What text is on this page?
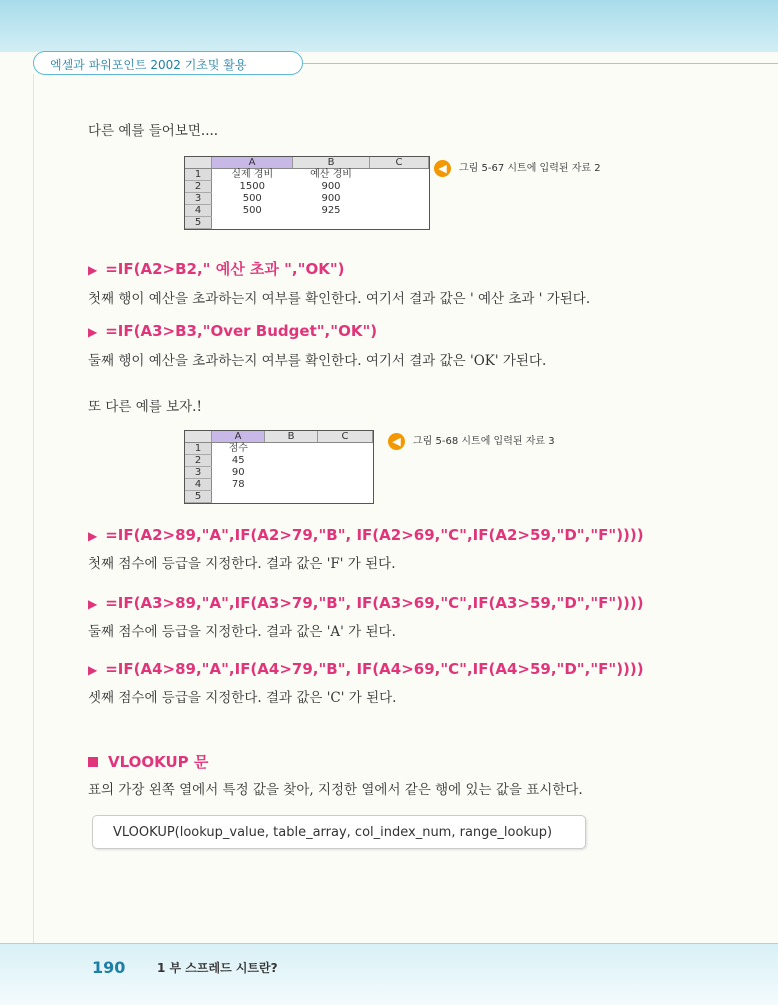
엑셀과 파워포인트 2002 기초및 활용
다른 예를 들어보면....
	A	B	C
1	실제 경비	예산 경비	
2	1500	900	
3	500	900	
4	500	925	
5			
◀ 그림 5-67 시트에 입력된 자료 2
▶ =IF(A2>B2," 예산 초과 ","OK")
첫째 행이 예산을 초과하는지 여부를 확인한다. 여기서 결과 값은 ' 예산 초과 ' 가된다.
▶ =IF(A3>B3,"Over Budget","OK")
둘째 행이 예산을 초과하는지 여부를 확인한다. 여기서 결과 값은 'OK' 가된다.
또 다른 예를 보자.!
	A	B	C
1	점수		
2	45		
3	90		
4	78		
5			
◀ 그림 5-68 시트에 입력된 자료 3
▶ =IF(A2>89,"A",IF(A2>79,"B", IF(A2>69,"C",IF(A2>59,"D","F"))))
첫째 점수에 등급을 지정한다. 결과 값은 'F' 가 된다.
▶ =IF(A3>89,"A",IF(A3>79,"B", IF(A3>69,"C",IF(A3>59,"D","F"))))
둘째 점수에 등급을 지정한다. 결과 값은 'A' 가 된다.
▶ =IF(A4>89,"A",IF(A4>79,"B", IF(A4>69,"C",IF(A4>59,"D","F"))))
셋째 점수에 등급을 지정한다. 결과 값은 'C' 가 된다.
VLOOKUP 문
표의 가장 왼쪽 열에서 특정 값을 찾아, 지정한 열에서 같은 행에 있는 값을 표시한다.
VLOOKUP(lookup_value, table_array, col_index_num, range_lookup)
190	1 부 스프레드 시트란?
